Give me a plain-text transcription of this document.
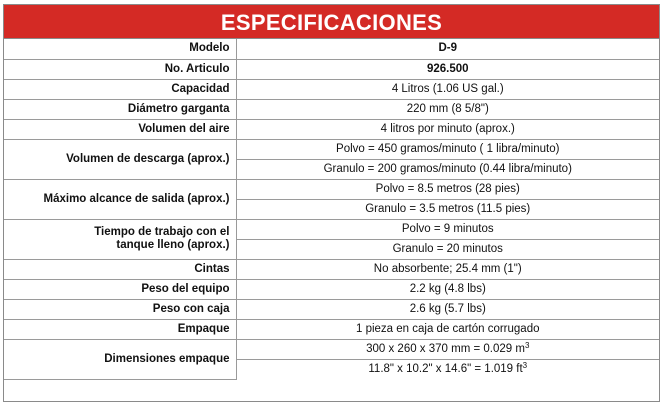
ESPECIFICACIONES
Modelo	D-9
No. Articulo	926.500
Capacidad	4 Litros (1.06 US gal.)
Diámetro garganta	220 mm (8 5/8")
Volumen del aire	4 litros por minuto (aprox.)
Volumen de descarga (aprox.)	Polvo = 450 gramos/minuto ( 1 libra/minuto)
	Granulo = 200 gramos/minuto (0.44 libra/minuto)
Máximo alcance de salida (aprox.)	Polvo = 8.5 metros (28 pies)
	Granulo = 3.5 metros (11.5 pies)
Tiempo de trabajo con el
tanque lleno (aprox.)	Polvo = 9 minutos
	Granulo = 20 minutos
Cintas	No absorbente; 25.4 mm (1")
Peso del equipo	2.2 kg (4.8 lbs)
Peso con caja	2.6 kg (5.7 lbs)
Empaque	1 pieza en caja de cartón corrugado
Dimensiones empaque	300 x 260 x 370 mm = 0.029 $m^3$
	11.8" x 10.2" x 14.6" = 1.019 $ft^3$
